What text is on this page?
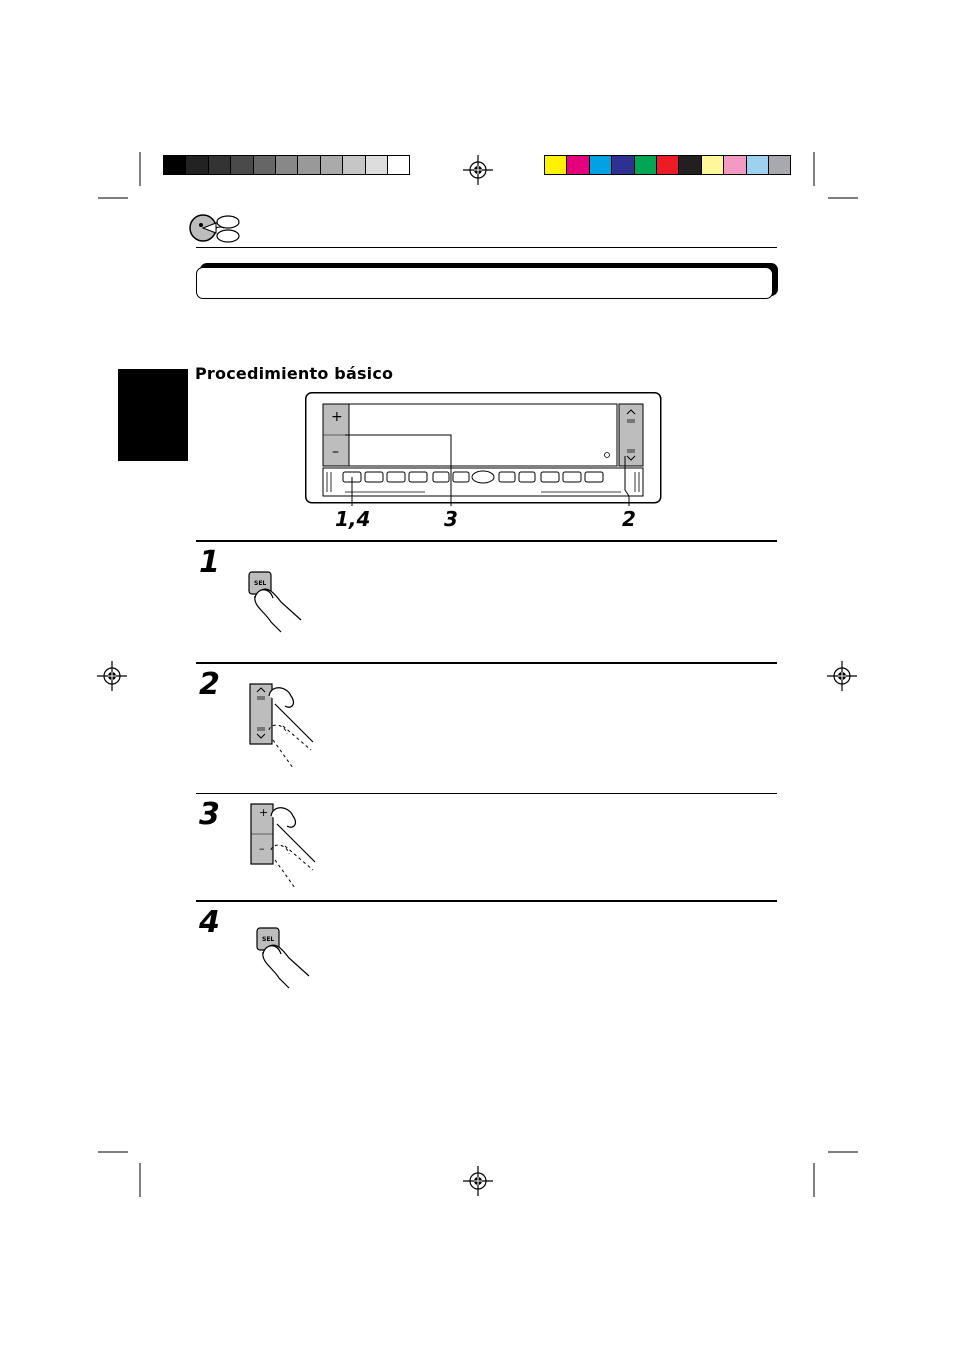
Procedimiento básico
+
–
1,4	3	2
1
SEL
2
3	+
–
4	SEL
